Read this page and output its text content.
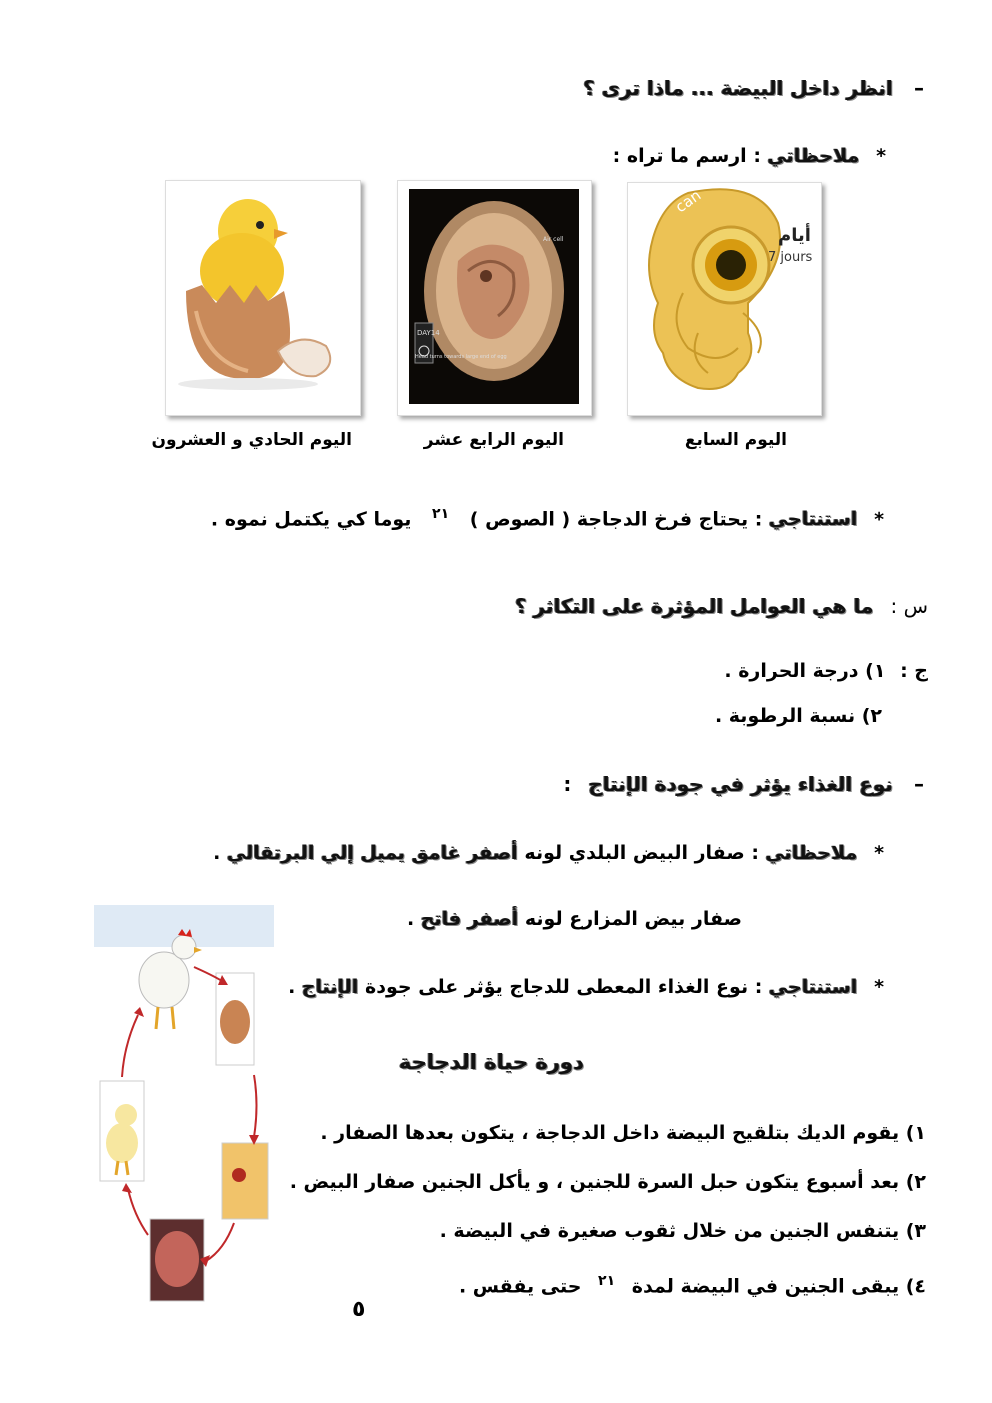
– انظر داخل البيضة ... ماذا ترى ؟
* ملاحظاتي : ارسم ما تراه :
can
أيام
7 jours
اليوم السابع
DAY14
Head turns towards large end of egg
Air cell
اليوم الرابع عشر
اليوم الحادي و العشرون
* استنتاجي : يحتاج فرخ الدجاجة ( الصوص ) $^{٢١}$ يوما كي يكتمل نموه .
س : ما هي العوامل المؤثرة على التكاثر ؟
ج : ١) درجة الحرارة .
٢) نسبة الرطوبة .
– نوع الغذاء يؤثر في جودة الإنتاج :
* ملاحظاتي : صفار البيض البلدي لونه أصفر غامق يميل إلي البرتقالي .
صفار بيض المزارع لونه أصفر فاتح .
* استنتاجي : نوع الغذاء المعطى للدجاج يؤثر على جودة الإنتاج .
دورة حياة الدجاجة
١) يقوم الديك بتلقيح البيضة داخل الدجاجة ، يتكون بعدها الصفار .
٢) بعد أسبوع يتكون حبل السرة للجنين ، و يأكل الجنين صفار البيض .
٣) يتنفس الجنين من خلال ثقوب صغيرة في البيضة .
٤) يبقى الجنين في البيضة لمدة $^{٢١}$ حتى يفقس .
٥
